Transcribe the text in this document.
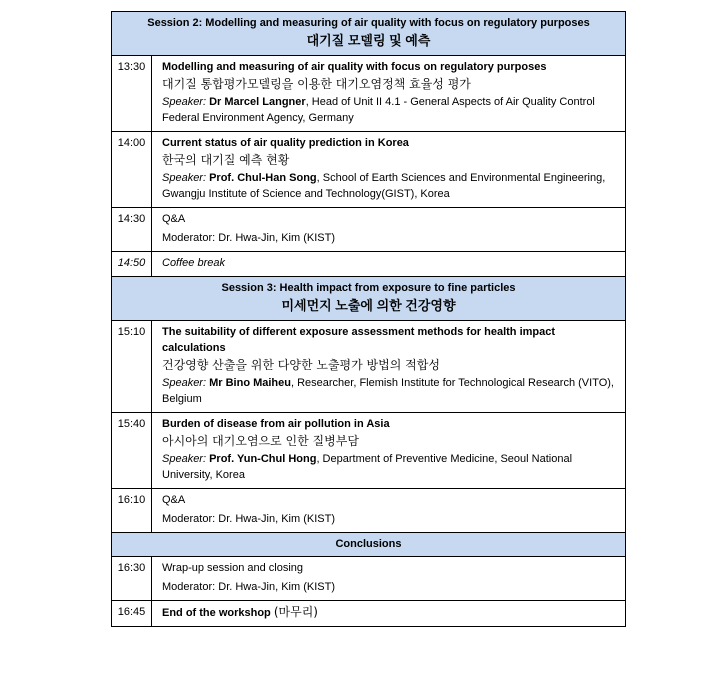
Session 2: Modelling and measuring of air quality with focus on regulatory purposes
대기질 모델링 및 예측	

13:30	Modelling and measuring of air quality with focus on regulatory purposes
대기질 통합평가모델링을 이용한 대기오염정책 효율성 평가
Speaker: Dr Marcel Langner, Head of Unit II 4.1 - General Aspects of Air Quality Control Federal Environment Agency, Germany

14:00	Current status of air quality prediction in Korea
한국의 대기질 예측 현황
Speaker: Prof. Chul-Han Song, School of Earth Sciences and Environmental Engineering, Gwangju Institute of Science and Technology(GIST), Korea

14:30	Q&A
Moderator: Dr. Hwa-Jin, Kim (KIST)

14:50	Coffee break

Session 3: Health impact from exposure to fine particles
미세먼지 노출에 의한 건강영향	

15:10	The suitability of different exposure assessment methods for health impact calculations
건강영향 산출을 위한 다양한 노출평가 방법의 적합성
Speaker: Mr Bino Maiheu, Researcher, Flemish Institute for Technological Research (VITO), Belgium

15:40	Burden of disease from air pollution in Asia
아시아의 대기오염으로 인한 질병부담
Speaker: Prof. Yun-Chul Hong, Department of Preventive Medicine, Seoul National University, Korea

16:10	Q&A
Moderator: Dr. Hwa-Jin, Kim (KIST)

Conclusions	
16:30	Wrap-up session and closing
Moderator: Dr. Hwa-Jin, Kim (KIST)

16:45	End of the workshop (마무리)
